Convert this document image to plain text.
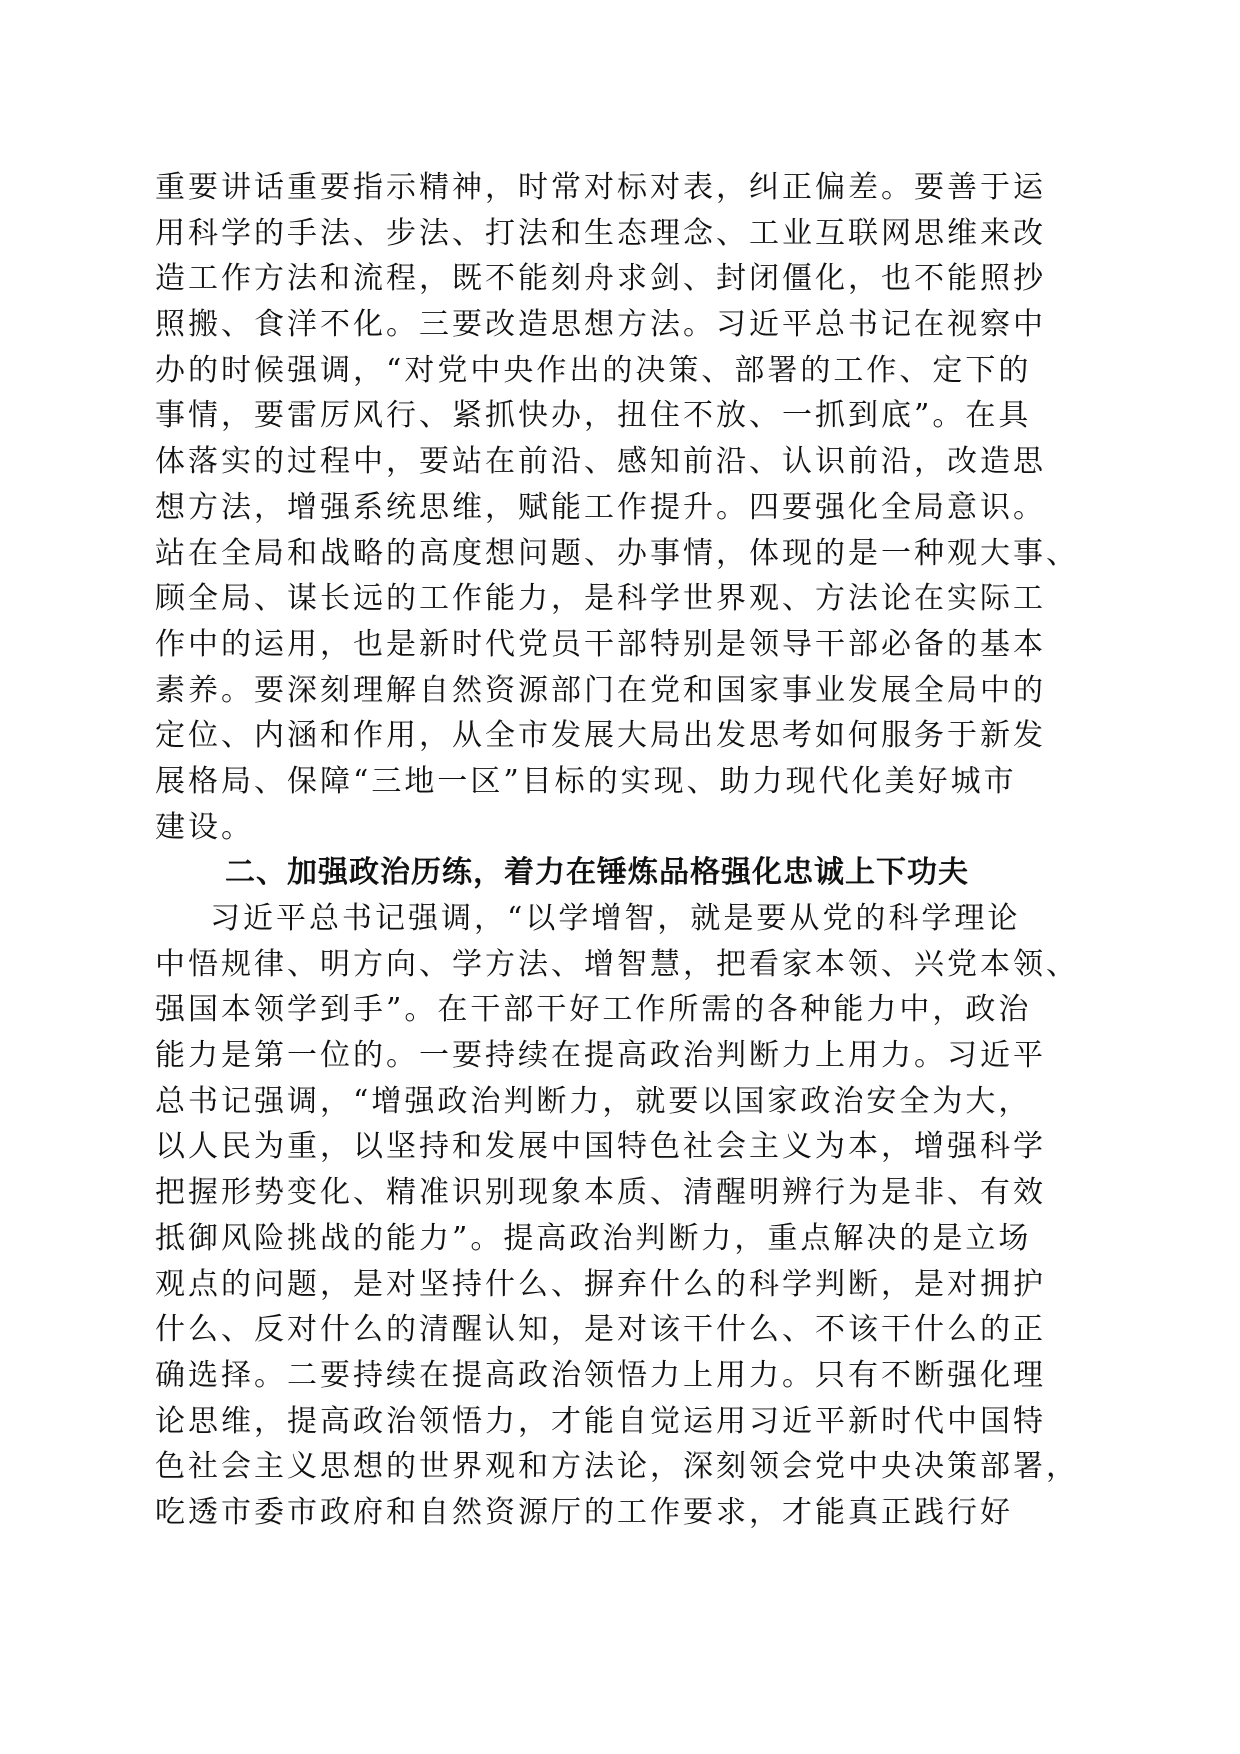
重要讲话重要指示精神，时常对标对表，纠正偏差。要善于运
用科学的手法、步法、打法和生态理念、工业互联网思维来改
造工作方法和流程，既不能刻舟求剑、封闭僵化，也不能照抄
照搬、食洋不化。三要改造思想方法。习近平总书记在视察中
办的时候强调，“对党中央作出的决策、部署的工作、定下的
事情，要雷厉风行、紧抓快办，扭住不放、一抓到底”。在具
体落实的过程中，要站在前沿、感知前沿、认识前沿，改造思
想方法，增强系统思维，赋能工作提升。四要强化全局意识。
站在全局和战略的高度想问题、办事情，体现的是一种观大事、
顾全局、谋长远的工作能力，是科学世界观、方法论在实际工
作中的运用，也是新时代党员干部特别是领导干部必备的基本
素养。要深刻理解自然资源部门在党和国家事业发展全局中的
定位、内涵和作用，从全市发展大局出发思考如何服务于新发
展格局、保障“三地一区”目标的实现、助力现代化美好城市
建设。
二、加强政治历练，着力在锤炼品格强化忠诚上下功夫
习近平总书记强调，“以学增智，就是要从党的科学理论
中悟规律、明方向、学方法、增智慧，把看家本领、兴党本领、
强国本领学到手”。在干部干好工作所需的各种能力中，政治
能力是第一位的。一要持续在提高政治判断力上用力。习近平
总书记强调，“增强政治判断力，就要以国家政治安全为大，
以人民为重，以坚持和发展中国特色社会主义为本，增强科学
把握形势变化、精准识别现象本质、清醒明辨行为是非、有效
抵御风险挑战的能力”。提高政治判断力，重点解决的是立场
观点的问题，是对坚持什么、摒弃什么的科学判断，是对拥护
什么、反对什么的清醒认知，是对该干什么、不该干什么的正
确选择。二要持续在提高政治领悟力上用力。只有不断强化理
论思维，提高政治领悟力，才能自觉运用习近平新时代中国特
色社会主义思想的世界观和方法论，深刻领会党中央决策部署，
吃透市委市政府和自然资源厅的工作要求，才能真正践行好
